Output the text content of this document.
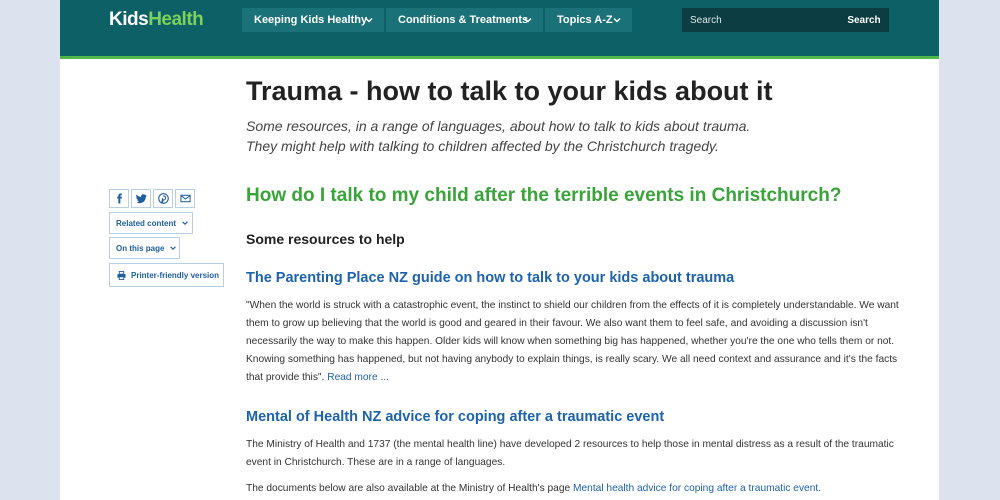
KidsHealth	Keeping Kids Healthy	Conditions & Treatments	Topics A-Z
Search	Search
Trauma - how to talk to your kids about it
Some resources, in a range of languages, about how to talk to kids about trauma.
They might help with talking to children affected by the Christchurch tragedy.
Related content
On this page
Printer-friendly version
How do I talk to my child after the terrible events in Christchurch?
Some resources to help
The Parenting Place NZ guide on how to talk to your kids about trauma

"When the world is struck with a catastrophic event, the instinct to shield our children from the effects of it is completely understandable. We want them to grow up believing that the world is good and geared in their favour. We also want them to feel safe, and avoiding a discussion isn't necessarily the way to make this happen. Older kids will know when something big has happened, whether you're the one who tells them or not. Knowing something has happened, but not having anybody to explain things, is really scary. We all need context and assurance and it's the facts that provide this". Read more ...

Mental of Health NZ advice for coping after a traumatic event

The Ministry of Health and 1737 (the mental health line) have developed 2 resources to help those in mental distress as a result of the traumatic event in Christchurch. These are in a range of languages.

The documents below are also available at the Ministry of Health's page Mental health advice for coping after a traumatic event.
